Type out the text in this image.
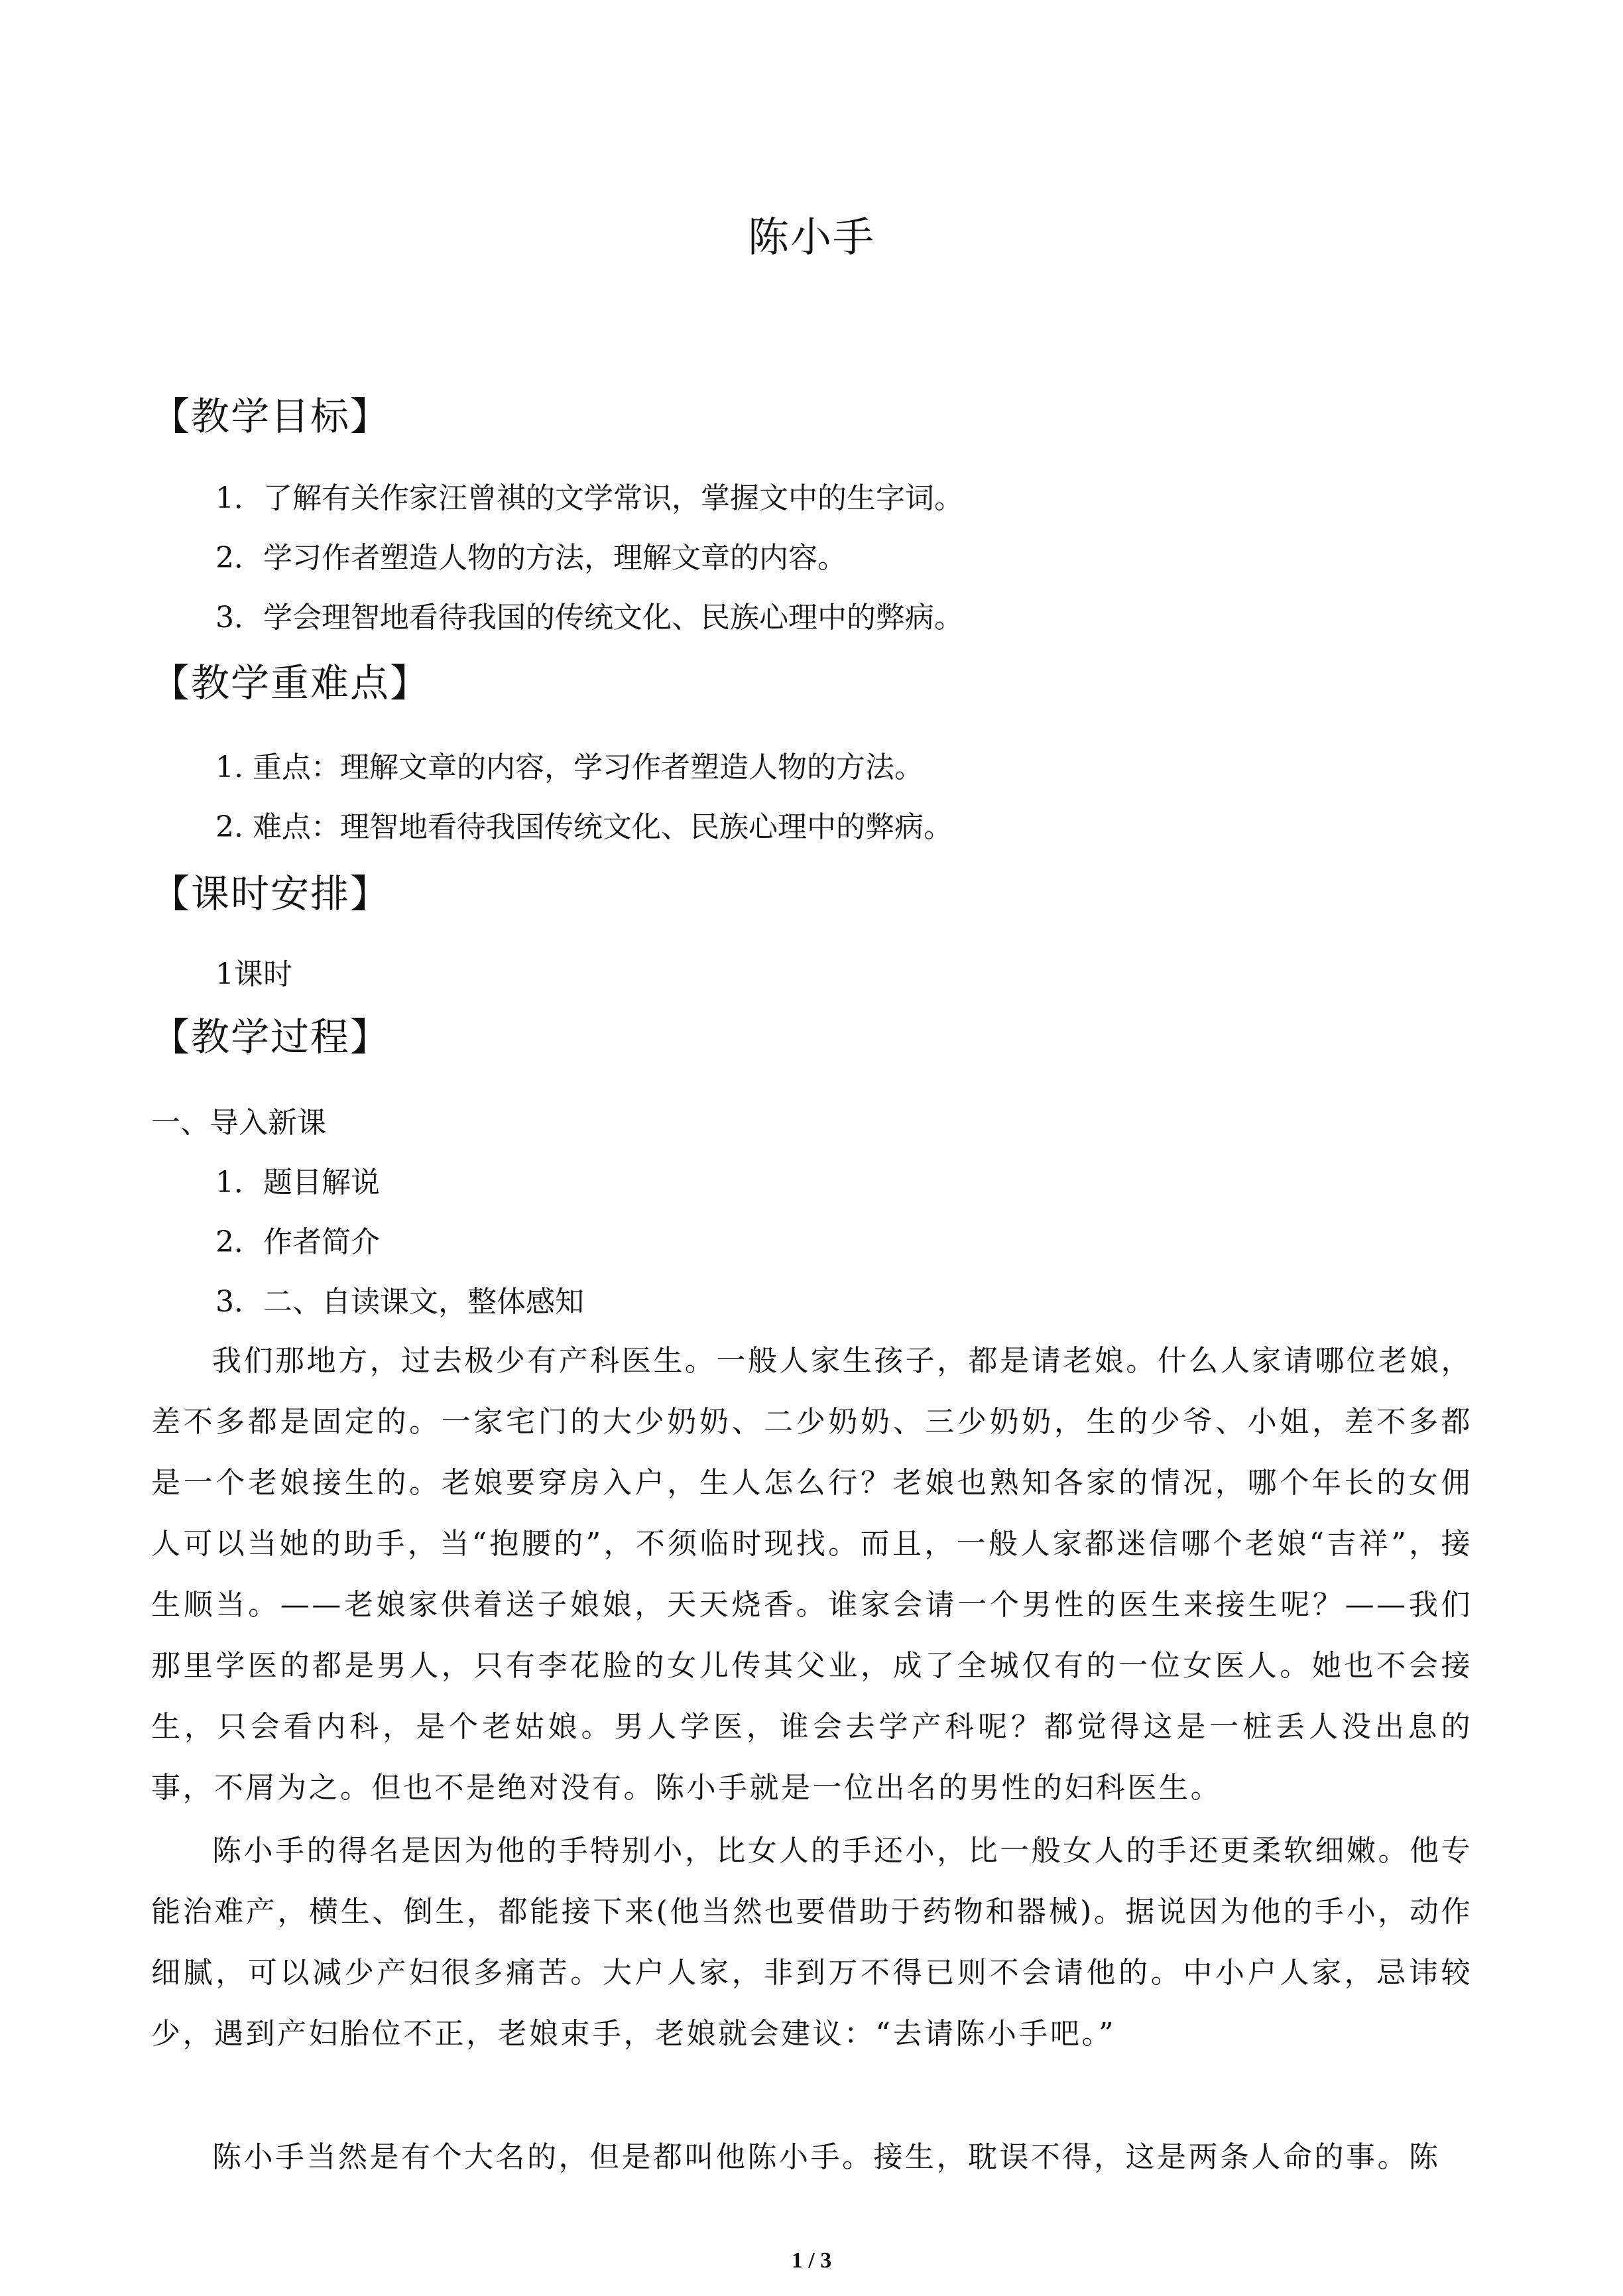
陈小手
【教学目标】
1．了解有关作家汪曾祺的文学常识，掌握文中的生字词。
2．学习作者塑造人物的方法，理解文章的内容。
3．学会理智地看待我国的传统文化、民族心理中的弊病。
【教学重难点】
1. 重点：理解文章的内容，学习作者塑造人物的方法。
2. 难点：理智地看待我国传统文化、民族心理中的弊病。
【课时安排】
1课时
【教学过程】
一、导入新课
1．题目解说
2．作者简介
3．二、自读课文，整体感知
我们那地方，过去极少有产科医生。一般人家生孩子，都是请老娘。什么人家请哪位老娘，差不多都是固定的。一家宅门的大少奶奶、二少奶奶、三少奶奶，生的少爷、小姐，差不多都是一个老娘接生的。老娘要穿房入户，生人怎么行？老娘也熟知各家的情况，哪个年长的女佣人可以当她的助手，当“抱腰的”，不须临时现找。而且，一般人家都迷信哪个老娘“吉祥”，接生顺当。——老娘家供着送子娘娘，天天烧香。谁家会请一个男性的医生来接生呢？——我们那里学医的都是男人，只有李花脸的女儿传其父业，成了全城仅有的一位女医人。她也不会接生，只会看内科，是个老姑娘。男人学医，谁会去学产科呢？都觉得这是一桩丢人没出息的事，不屑为之。但也不是绝对没有。陈小手就是一位出名的男性的妇科医生。
陈小手的得名是因为他的手特别小，比女人的手还小，比一般女人的手还更柔软细嫩。他专能治难产，横生、倒生，都能接下来(他当然也要借助于药物和器械)。据说因为他的手小，动作细腻，可以减少产妇很多痛苦。大户人家，非到万不得已则不会请他的。中小户人家，忌讳较少，遇到产妇胎位不正，老娘束手，老娘就会建议：“去请陈小手吧。”
陈小手当然是有个大名的，但是都叫他陈小手。接生，耽误不得，这是两条人命的事。陈
1 / 3
